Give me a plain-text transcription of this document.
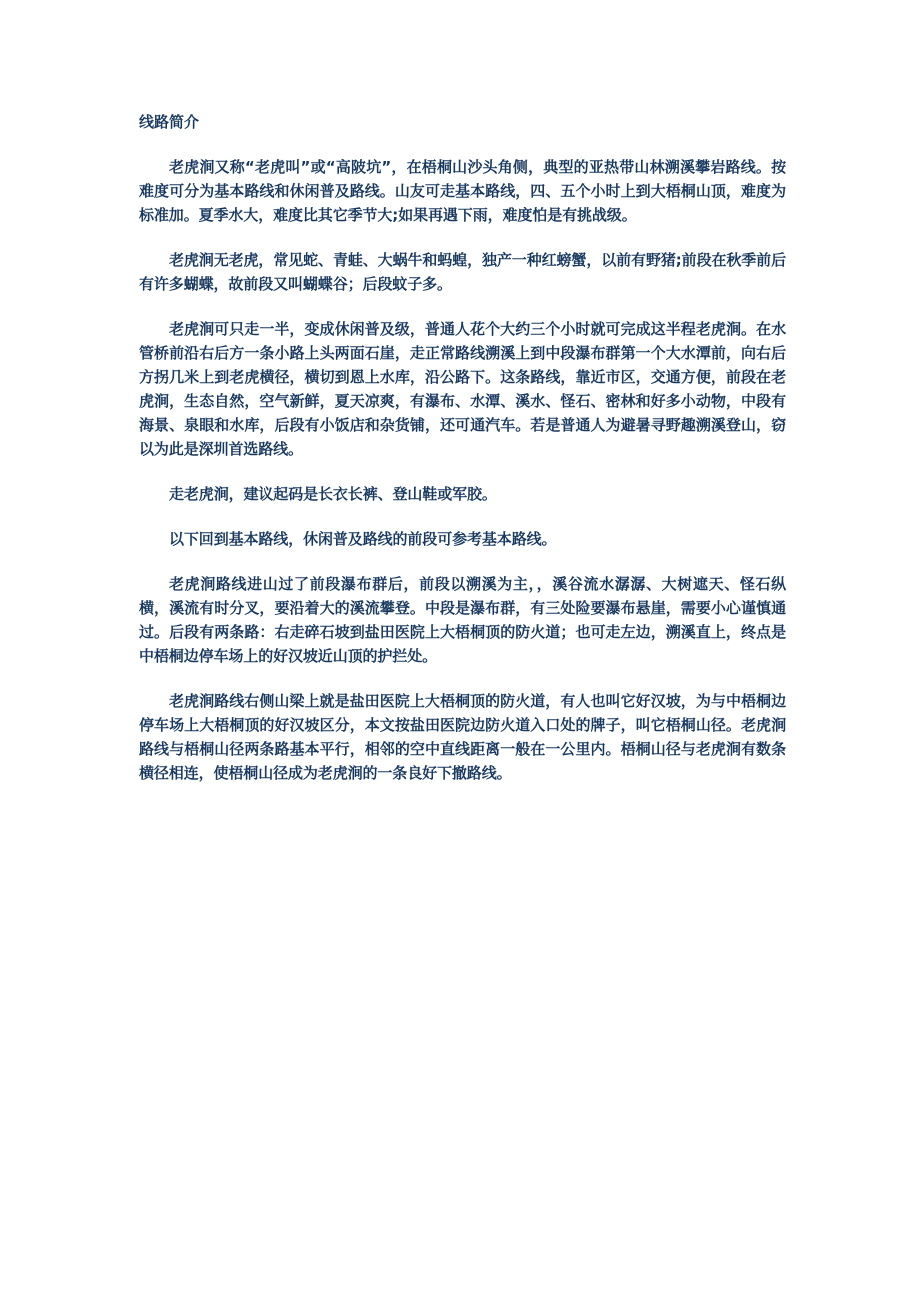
线路简介

老虎涧又称“老虎叫”或“高陂坑”，在梧桐山沙头角侧，典型的亚热带山林溯溪攀岩路线。按难度可分为基本路线和休闲普及路线。山友可走基本路线，四、五个小时上到大梧桐山顶，难度为标准加。夏季水大，难度比其它季节大;如果再遇下雨，难度怕是有挑战级。

老虎涧无老虎，常见蛇、青蛙、大蜗牛和蚂蝗，独产一种红螃蟹，以前有野猪;前段在秋季前后有许多蝴蝶，故前段又叫蝴蝶谷；后段蚊子多。

老虎涧可只走一半，变成休闲普及级，普通人花个大约三个小时就可完成这半程老虎涧。在水管桥前沿右后方一条小路上头两面石崖，走正常路线溯溪上到中段瀑布群第一个大水潭前，向右后方拐几米上到老虎横径，横切到恩上水库，沿公路下。这条路线，靠近市区，交通方便，前段在老虎涧，生态自然，空气新鲜，夏天凉爽，有瀑布、水潭、溪水、怪石、密林和好多小动物，中段有海景、泉眼和水库，后段有小饭店和杂货铺，还可通汽车。若是普通人为避暑寻野趣溯溪登山，窃以为此是深圳首选路线。

走老虎涧，建议起码是长衣长裤、登山鞋或军胶。

以下回到基本路线，休闲普及路线的前段可参考基本路线。

老虎涧路线进山过了前段瀑布群后，前段以溯溪为主，，溪谷流水潺潺、大树遮天、怪石纵横，溪流有时分叉，要沿着大的溪流攀登。中段是瀑布群，有三处险要瀑布悬崖，需要小心谨慎通过。后段有两条路：右走碎石坡到盐田医院上大梧桐顶的防火道；也可走左边，溯溪直上，终点是中梧桐边停车场上的好汉坡近山顶的护拦处。

老虎涧路线右侧山梁上就是盐田医院上大梧桐顶的防火道，有人也叫它好汉坡，为与中梧桐边停车场上大梧桐顶的好汉坡区分，本文按盐田医院边防火道入口处的牌子，叫它梧桐山径。老虎涧路线与梧桐山径两条路基本平行，相邻的空中直线距离一般在一公里内。梧桐山径与老虎涧有数条横径相连，使梧桐山径成为老虎涧的一条良好下撤路线。
